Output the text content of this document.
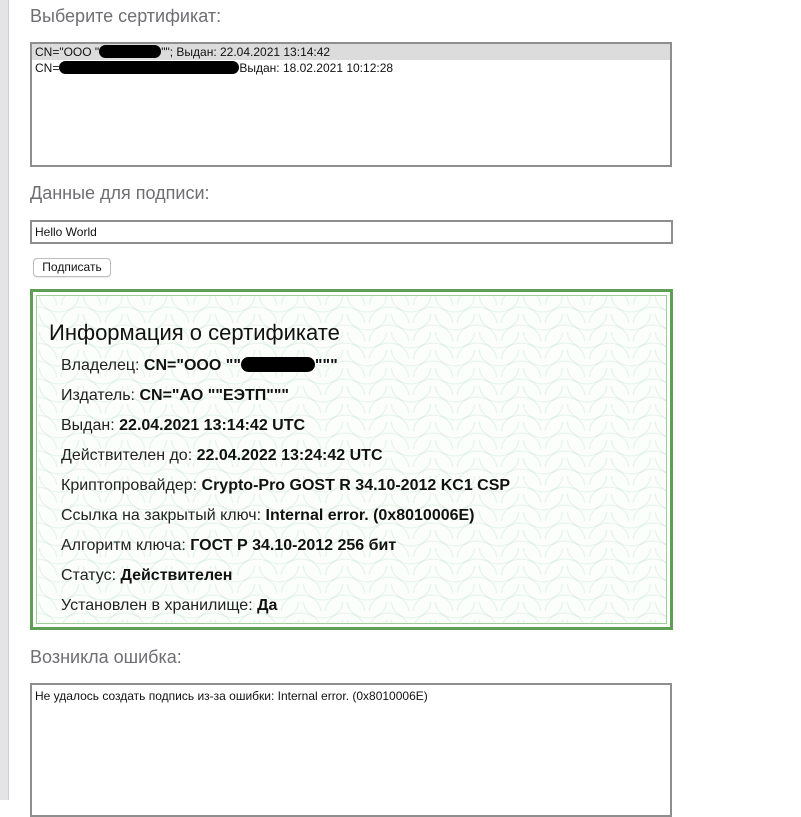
Выберите сертификат:
CN="ООО "	""; Выдан: 22.04.2021 13:14:42
CN=	Выдан: 18.02.2021 10:12:28
Данные для подписи:
Hello World
Подписать
Информация о сертификате
Владелец: CN="ООО ""	"""
Издатель: CN="АО ""ЕЭТП"""
Выдан: 22.04.2021 13:14:42 UTC
Действителен до: 22.04.2022 13:24:42 UTC
Криптопровайдер: Crypto-Pro GOST R 34.10-2012 KC1 CSP
Ссылка на закрытый ключ: Internal error. (0x8010006E)
Алгоритм ключа: ГОСТ Р 34.10-2012 256 бит
Статус: Действителен
Установлен в хранилище: Да
Возникла ошибка:
Не удалось создать подпись из-за ошибки: Internal error. (0x8010006E)
